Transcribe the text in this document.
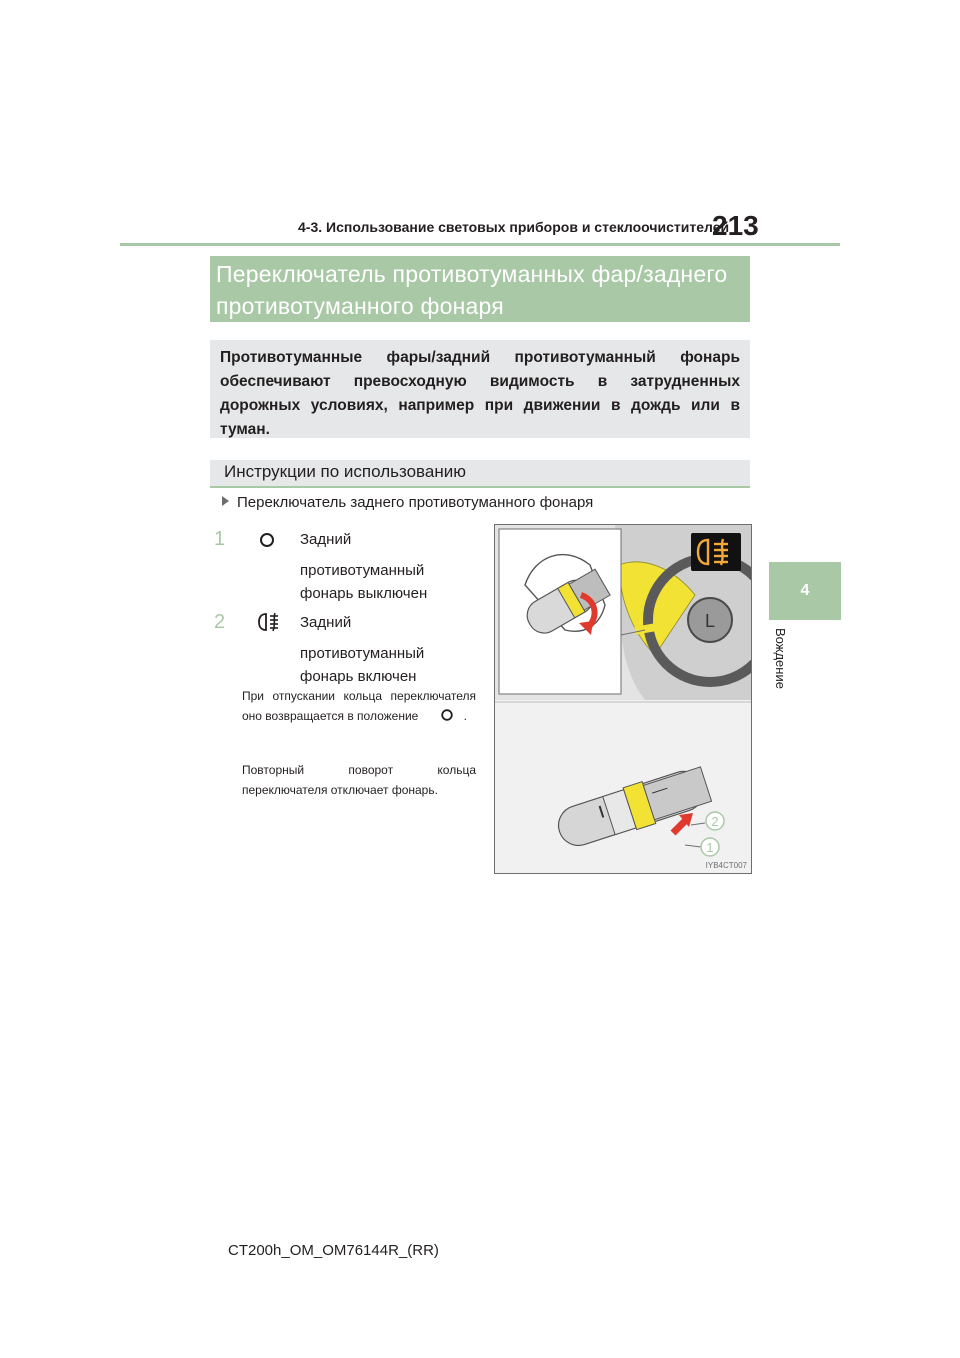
4-3. Использование световых приборов и стеклоочистителей
213
4
Вождение
Переключатель противотуманных фар/заднего противотуманного фонаря

Противотуманные фары/задний противотуманный фонарь обеспечивают превосходную видимость в затрудненных дорожных условиях, например при движении в дождь или в туман.

Инструкции по использованию
Переключатель заднего противотуманного фонаря
1	Задний
противотуманный фонарь выключен
2	Задний
противотуманный фонарь включен
При отпускании кольца переключателя оно возвращается в положение	.
Повторный поворот кольца переключателя отключает фонарь.
L
2
1
IYB4CT007
CT200h_OM_OM76144R_(RR)
